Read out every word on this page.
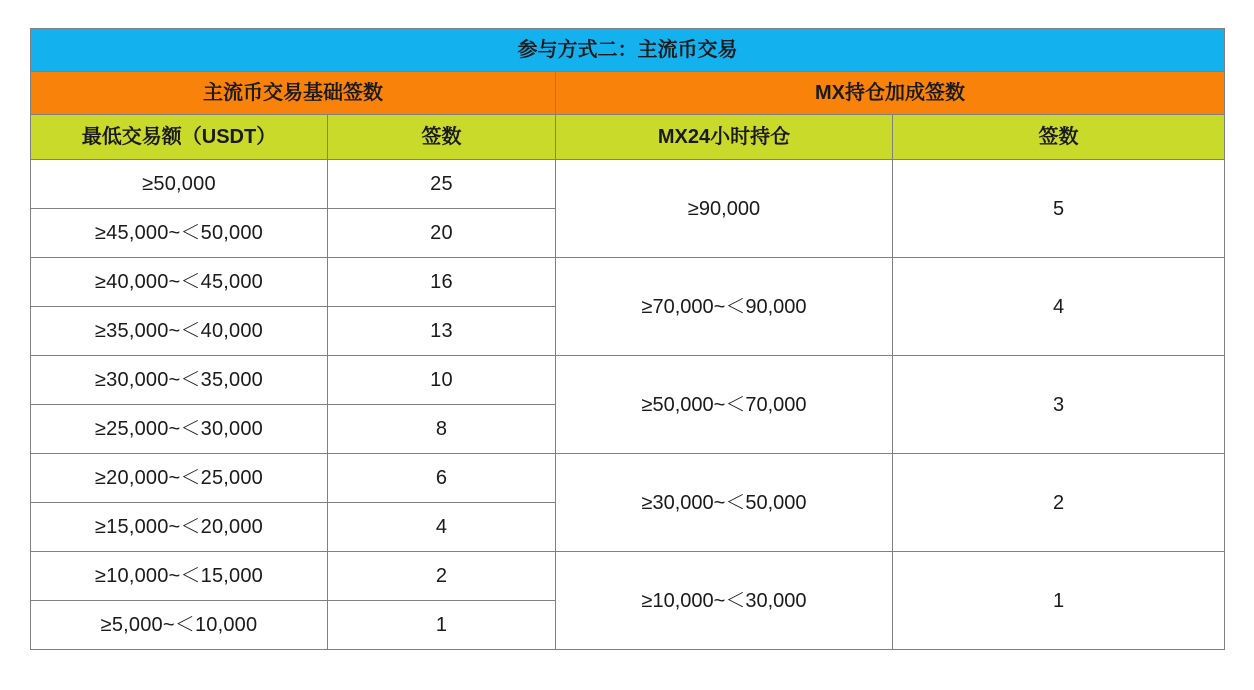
参与方式二：主流币交易			
主流币交易基础签数		MX持仓加成签数	
最低交易额（USDT）	签数	MX24小时持仓	签数
≥50,000	25	≥90,000	5
≥45,000~＜50,000	20		
≥40,000~＜45,000	16	≥70,000~＜90,000	4
≥35,000~＜40,000	13		
≥30,000~＜35,000	10	≥50,000~＜70,000	3
≥25,000~＜30,000	8		
≥20,000~＜25,000	6	≥30,000~＜50,000	2
≥15,000~＜20,000	4		
≥10,000~＜15,000	2	≥10,000~＜30,000	1
≥5,000~＜10,000	1		
